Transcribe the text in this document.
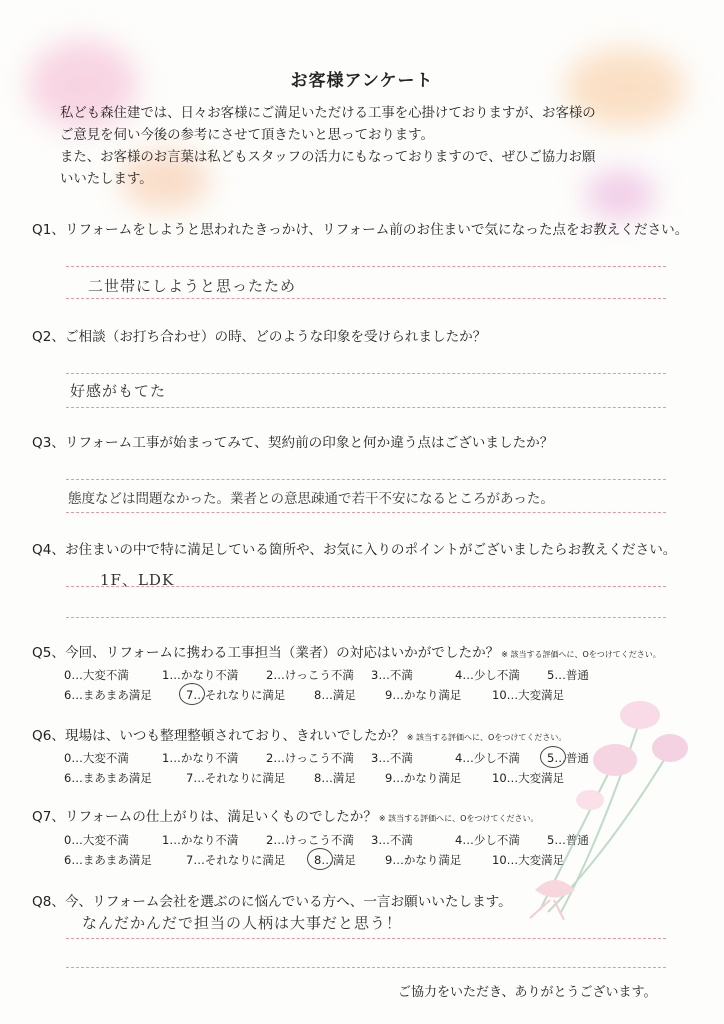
お客様アンケート
私ども森住建では、日々お客様にご満足いただける工事を心掛けておりますが、お客様の
ご意見を伺い今後の参考にさせて頂きたいと思っております。
また、お客様のお言葉は私どもスタッフの活力にもなっておりますので、ぜひご協力お願
いいたします。
Q1、リフォームをしようと思われたきっかけ、リフォーム前のお住まいで気になった点をお教えください。
二世帯にしようと思ったため
Q2、ご相談（お打ち合わせ）の時、どのような印象を受けられましたか？
好感がもてた
Q3、リフォーム工事が始まってみて、契約前の印象と何か違う点はございましたか？
態度などは問題なかった。業者との意思疎通で若干不安になるところがあった。
Q4、お住まいの中で特に満足している箇所や、お気に入りのポイントがございましたらお教えください。
1F、LDK
Q5、今回、リフォームに携わる工事担当（業者）の対応はいかがでしたか？ ※ 該当する評価へに、Oをつけてください。
0…大変不満	1…かなり不満 2…けっこう不満 3…不満	4…少し不満 5…普通
6…まあまあ満足	7…それなりに満足 8…満足	9…かなり満足	10…大変満足
Q6、現場は、いつも整理整頓されており、きれいでしたか？ ※ 該当する評価へに、Oをつけてください。
0…大変不満	1…かなり不満 2…けっこう不満 3…不満	4…少し不満 5…普通
6…まあまあ満足	7…それなりに満足 8…満足	9…かなり満足	10…大変満足
Q7、リフォームの仕上がりは、満足いくものでしたか？ ※ 該当する評価へに、Oをつけてください。
0…大変不満	1…かなり不満 2…けっこう不満 3…不満	4…少し不満 5…普通
6…まあまあ満足	7…それなりに満足 8…満足	9…かなり満足	10…大変満足
Q8、今、リフォーム会社を選ぶのに悩んでいる方へ、一言お願いいたします。
なんだかんだで担当の人柄は大事だと思う！
ご協力をいただき、ありがとうございます。
